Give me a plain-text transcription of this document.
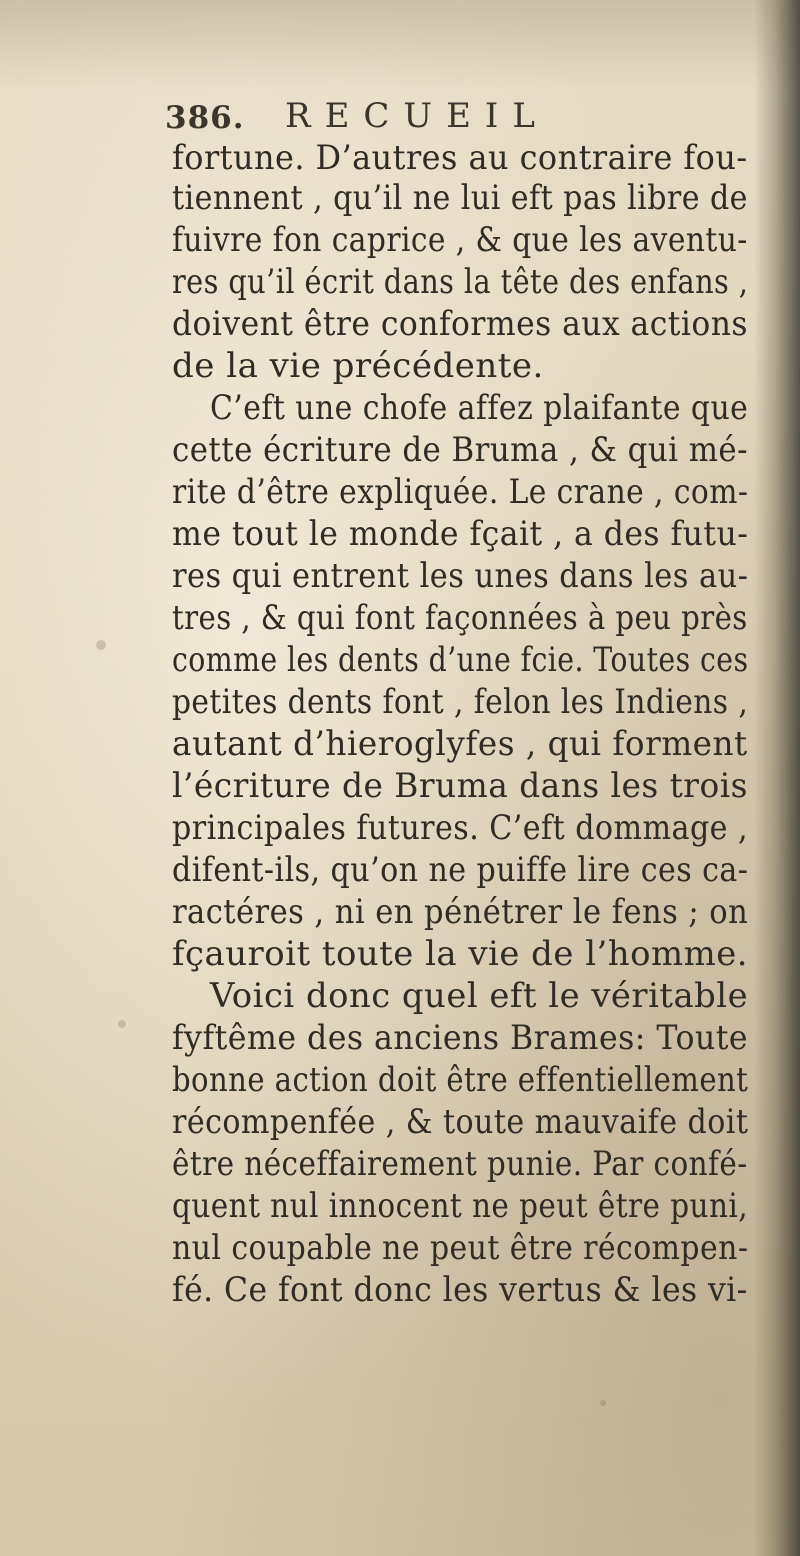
386. RECUEIL
fortune. D’autres au contraire fou-
tiennent , qu’il ne lui eft pas libre de
fuivre fon caprice , & que les aventu-
res qu’il écrit dans la tête des enfans ,
doivent être conformes aux actions
de la vie précédente.
C’eft une chofe affez plaifante que
cette écriture de Bruma , & qui mé-
rite d’être expliquée. Le crane , com-
me tout le monde fçait , a des futu-
res qui entrent les unes dans les au-
tres , & qui font façonnées à peu près
comme les dents d’une fcie. Toutes ces
petites dents font , felon les Indiens ,
autant d’hieroglyfes , qui forment
l’écriture de Bruma dans les trois
principales futures. C’eft dommage ,
difent-ils, qu’on ne puiffe lire ces ca-
ractéres , ni en pénétrer le fens ; on
fçauroit toute la vie de l’homme.
Voici donc quel eft le véritable
fyftême des anciens Brames: Toute
bonne action doit être effentiellement
récompenfée , & toute mauvaife doit
être néceffairement punie. Par confé-
quent nul innocent ne peut être puni,
nul coupable ne peut être récompen-
fé. Ce font donc les vertus & les vi-
